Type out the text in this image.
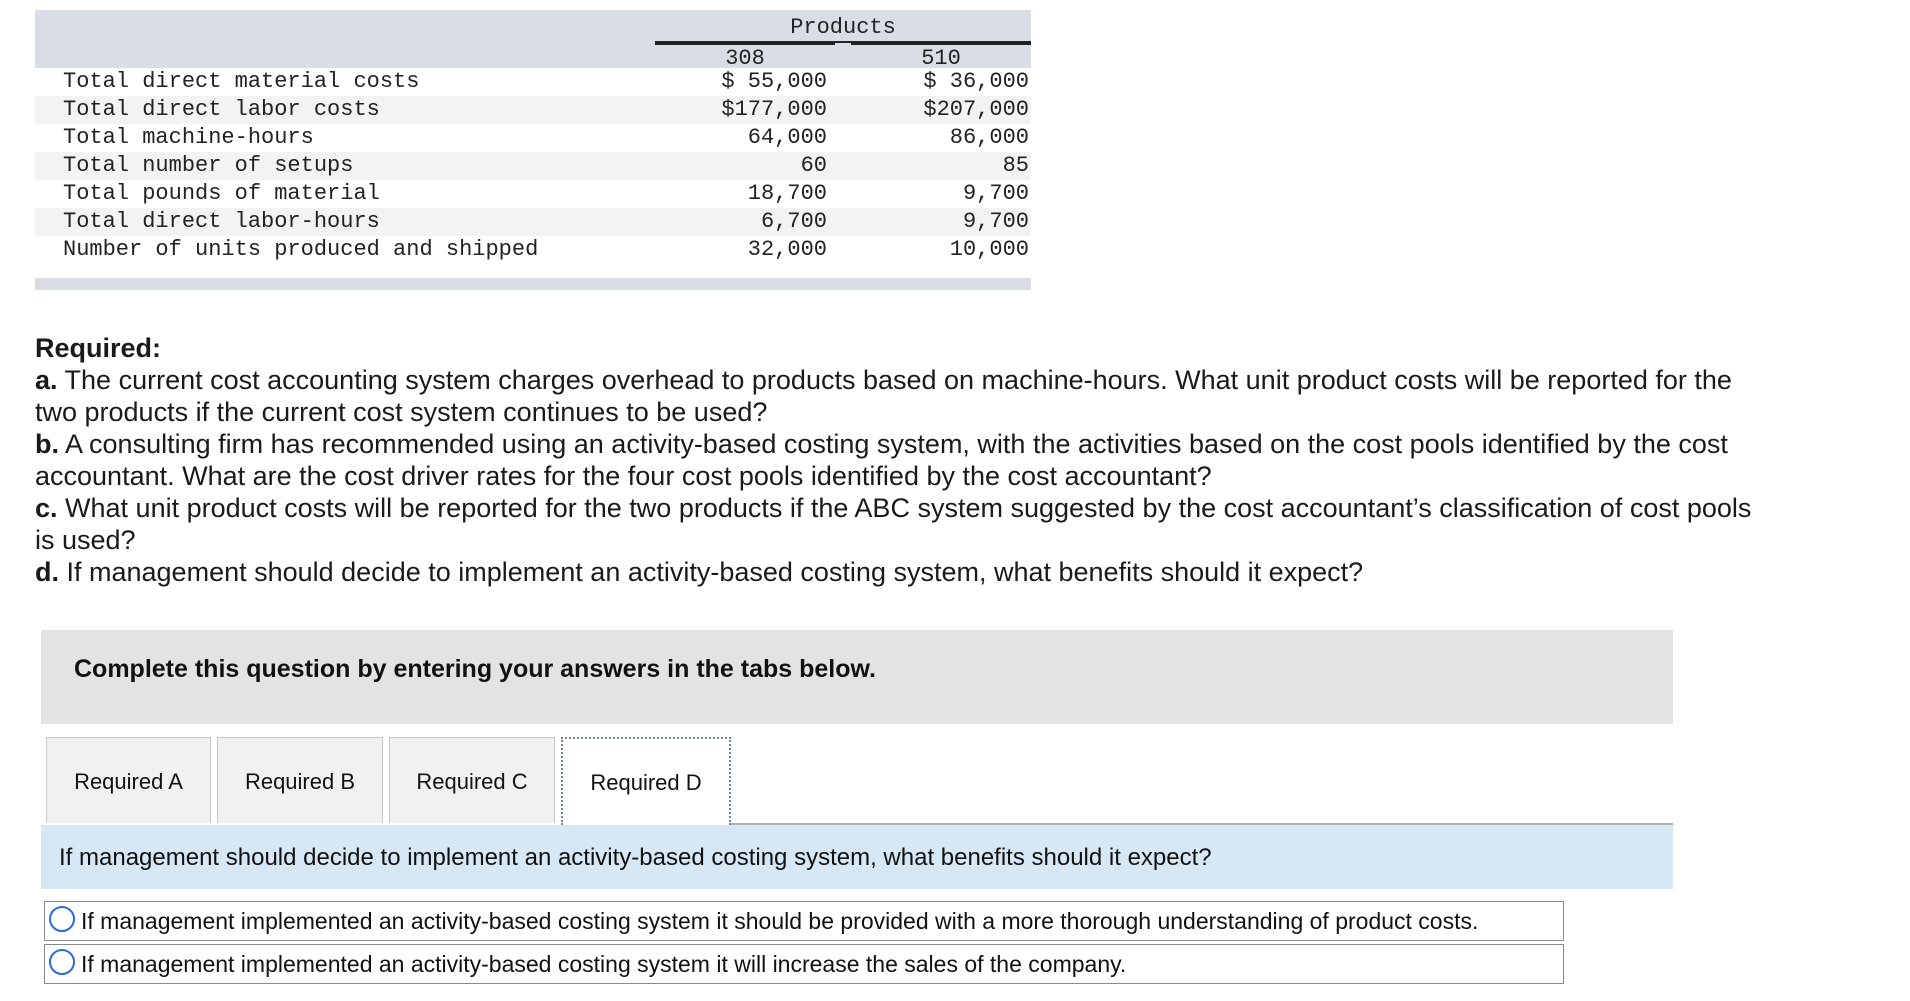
Products
308	510
Total direct material costs	$ 55,000	$ 36,000
Total direct labor costs	$177,000	$207,000
Total machine-hours	64,000	86,000
Total number of setups	60	85
Total pounds of material	18,700	9,700
Total direct labor-hours	6,700	9,700
Number of units produced and shipped	32,000	10,000

Required:

a. The current cost accounting system charges overhead to products based on machine-hours. What unit product costs will be reported for the two products if the current cost system continues to be used?

b. A consulting firm has recommended using an activity-based costing system, with the activities based on the cost pools identified by the cost accountant. What are the cost driver rates for the four cost pools identified by the cost accountant?

c. What unit product costs will be reported for the two products if the ABC system suggested by the cost accountant’s classification of cost pools is used?

d. If management should decide to implement an activity-based costing system, what benefits should it expect?

Complete this question by entering your answers in the tabs below.
Required A	Required B	Required C	Required D
If management should decide to implement an activity-based costing system, what benefits should it expect?
If management implemented an activity-based costing system it should be provided with a more thorough understanding of product costs.
If management implemented an activity-based costing system it will increase the sales of the company.
